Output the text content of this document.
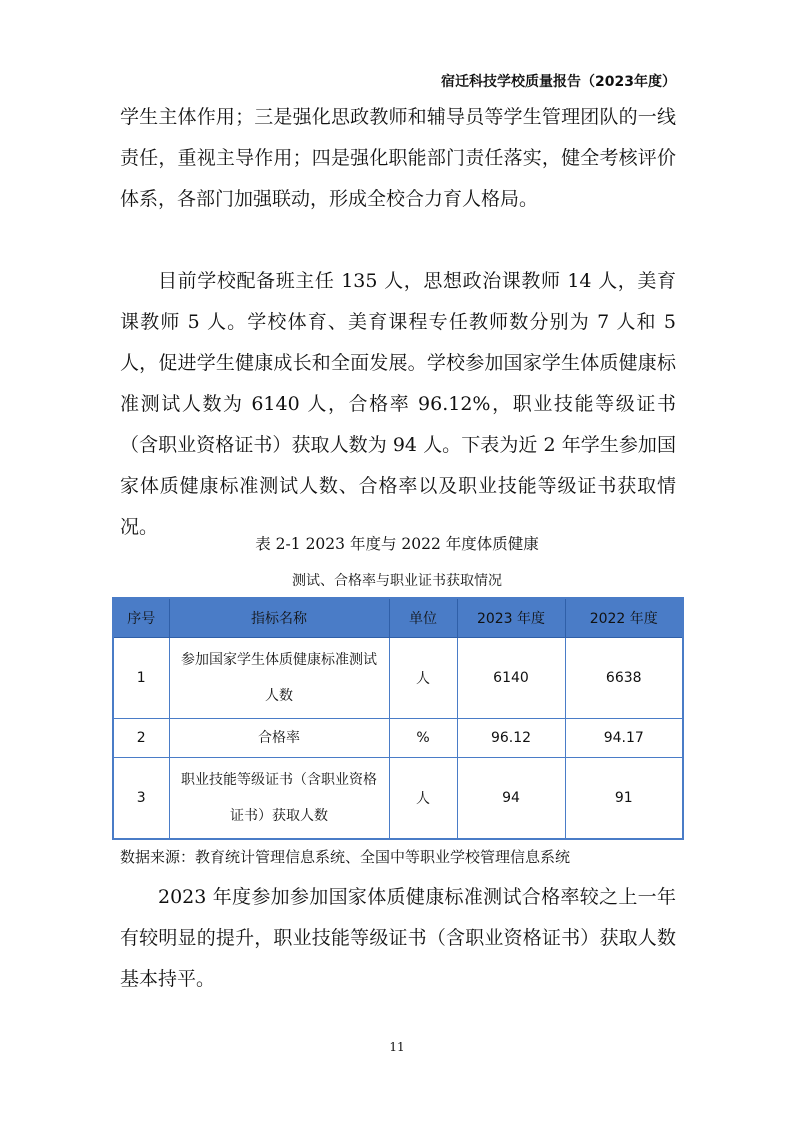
宿迁科技学校质量报告（2023年度）

学生主体作用；三是强化思政教师和辅导员等学生管理团队的一线责任，重视主导作用；四是强化职能部门责任落实，健全考核评价体系，各部门加强联动，形成全校合力育人格局。

目前学校配备班主任 135 人，思想政治课教师 14 人，美育课教师 5 人。学校体育、美育课程专任教师数分别为 7 人和 5 人，促进学生健康成长和全面发展。学校参加国家学生体质健康标准测试人数为 6140 人，合格率 96.12%，职业技能等级证书（含职业资格证书）获取人数为 94 人。下表为近 2 年学生参加国家体质健康标准测试人数、合格率以及职业技能等级证书获取情况。

表 2-1 2023 年度与 2022 年度体质健康
测试、合格率与职业证书获取情况
序号	指标名称	单位	2023 年度	2022 年度
1	参加国家学生体质健康标准测试人数	人	6140	6638
2	合格率	%	96.12	94.17
3	职业技能等级证书（含职业资格证书）获取人数	人	94	91
数据来源：教育统计管理信息系统、全国中等职业学校管理信息系统

2023 年度参加参加国家体质健康标准测试合格率较之上一年有较明显的提升，职业技能等级证书（含职业资格证书）获取人数基本持平。

11
